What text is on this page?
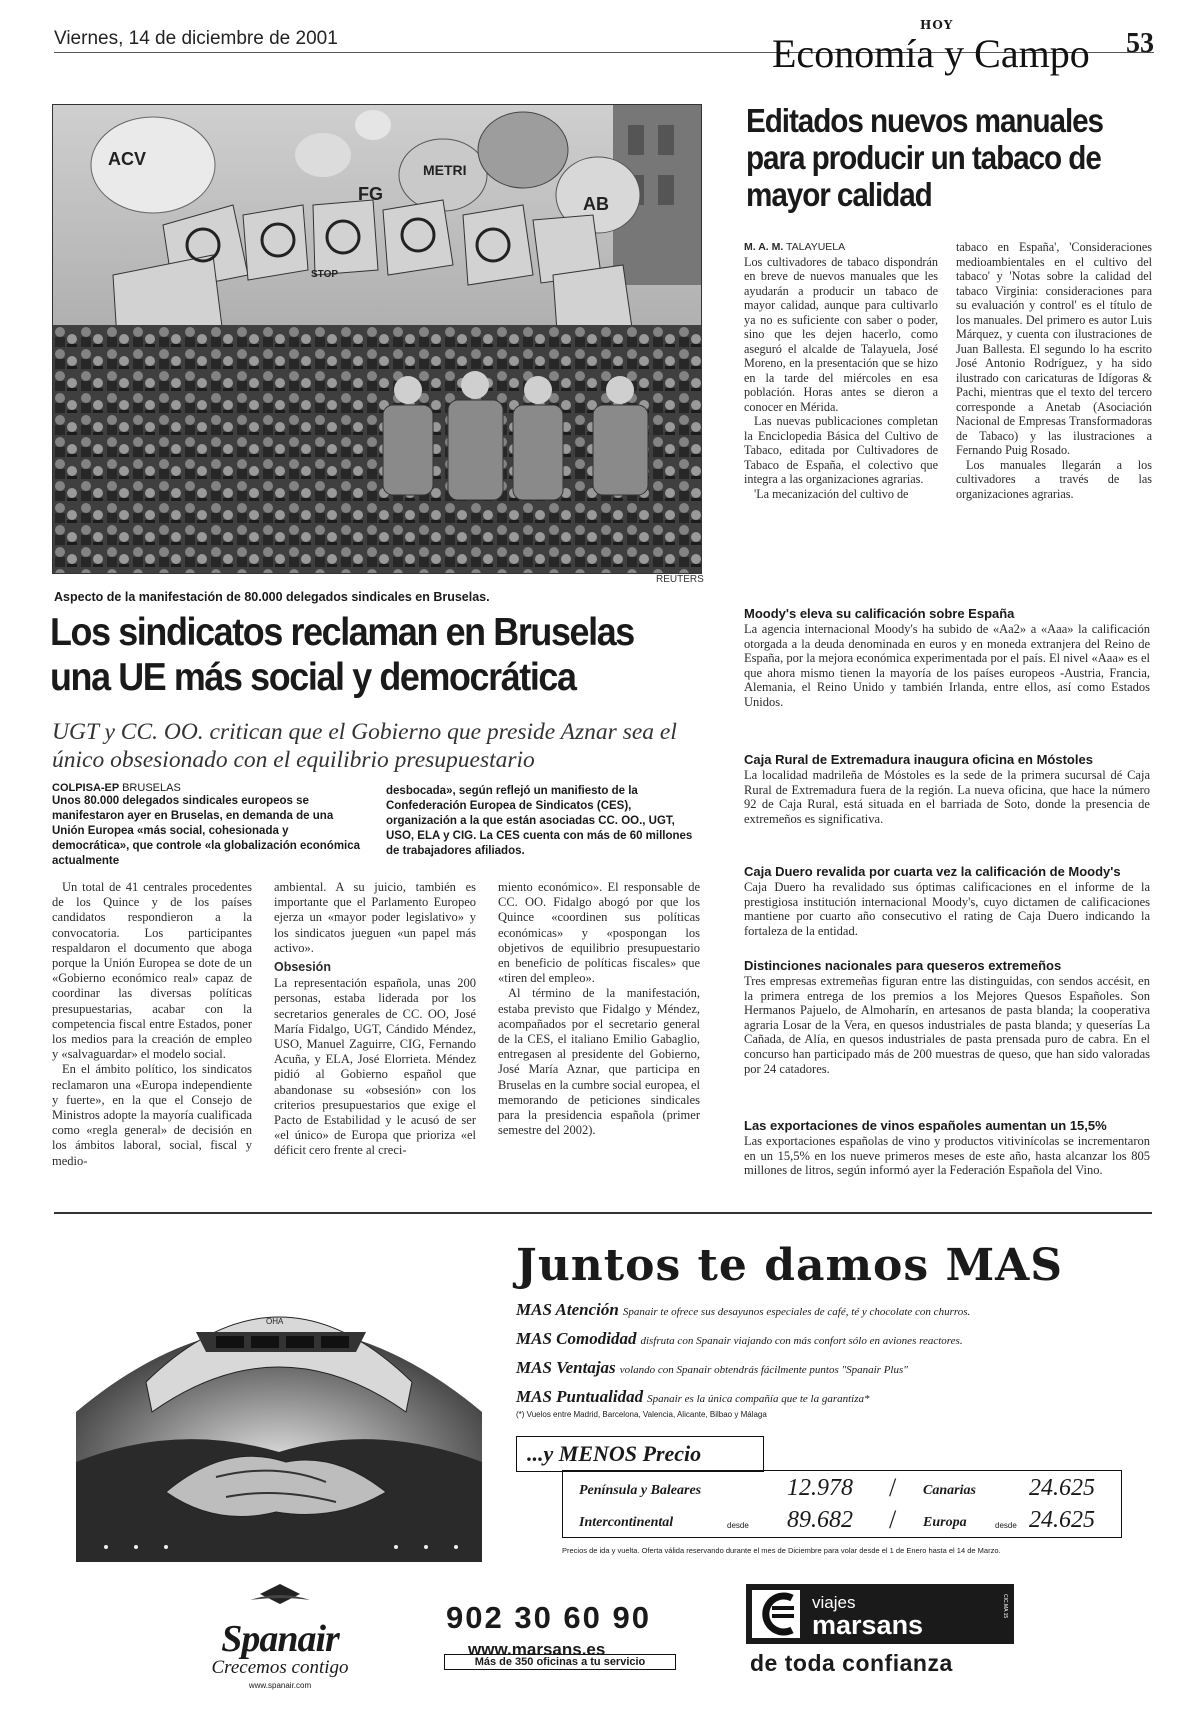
Viernes, 14 de diciembre de 2001
HOY
Economía y Campo 53
ACV
METRI
FG	AB
STOP
REUTERS
Aspecto de la manifestación de 80.000 delegados sindicales en Bruselas.
Los sindicatos reclaman en Bruselas una UE más social y democrática
UGT y CC. OO. critican que el Gobierno que preside Aznar sea el único obsesionado con el equilibrio presupuestario
COLPISA-EP BRUSELAS
Unos 80.000 delegados sindicales europeos se manifestaron ayer en Bruselas, en demanda de una Unión Europea «más social, cohesionada y democrática», que controle «la globalización económica actualmente
desbocada», según reflejó un manifiesto de la Confederación Europea de Sindicatos (CES), organización a la que están asociadas CC. OO., UGT, USO, ELA y CIG. La CES cuenta con más de 60 millones de trabajadores afiliados.

Un total de 41 centrales procedentes de los Quince y de los países candidatos respondieron a la convocatoria. Los participantes respaldaron el documento que aboga porque la Unión Europea se dote de un «Gobierno económico real» capaz de coordinar las diversas políticas presupuestarias, acabar con la competencia fiscal entre Estados, poner los medios para la creación de empleo y «salvaguardar» el modelo social.

En el ámbito político, los sindicatos reclamaron una «Europa independiente y fuerte», en la que el Consejo de Ministros adopte la mayoría cualificada como «regla general» de decisión en los ámbitos laboral, social, fiscal y medio-

ambiental. A su juicio, también es importante que el Parlamento Europeo ejerza un «mayor poder legislativo» y los sindicatos jueguen «un papel más activo».

Obsesión

La representación española, unas 200 personas, estaba liderada por los secretarios generales de CC. OO, José María Fidalgo, UGT, Cándido Méndez, USO, Manuel Zaguirre, CIG, Fernando Acuña, y ELA, José Elorrieta. Méndez pidió al Gobierno español que abandonase su «obsesión» con los criterios presupuestarios que exige el Pacto de Estabilidad y le acusó de ser «el único» de Europa que prioriza «el déficit cero frente al creci-

miento económico». El responsable de CC. OO. Fidalgo abogó por que los Quince «coordinen sus políticas económicas» y «pospongan los objetivos de equilibrio presupuestario en beneficio de políticas fiscales» que «tiren del empleo».

Al término de la manifestación, estaba previsto que Fidalgo y Méndez, acompañados por el secretario general de la CES, el italiano Emilio Gabaglio, entregasen al presidente del Gobierno, José María Aznar, que participa en Bruselas en la cumbre social europea, el memorando de peticiones sindicales para la presidencia española (primer semestre del 2002).

Editados nuevos manuales para producir un tabaco de mayor calidad
M. A. M. TALAYUELA

Los cultivadores de tabaco dispondrán en breve de nuevos manuales que les ayudarán a producir un tabaco de mayor calidad, aunque para cultivarlo ya no es suficiente con saber o poder, sino que les dejen hacerlo, como aseguró el alcalde de Talayuela, José Moreno, en la presentación que se hizo en la tarde del miércoles en esa población. Horas antes se dieron a conocer en Mérida.

Las nuevas publicaciones completan la Enciclopedia Básica del Cultivo de Tabaco, editada por Cultivadores de Tabaco de España, el colectivo que integra a las organizaciones agrarias.

'La mecanización del cultivo de

tabaco en España', 'Consideraciones medioambientales en el cultivo del tabaco' y 'Notas sobre la calidad del tabaco Virginia: consideraciones para su evaluación y control' es el título de los manuales. Del primero es autor Luis Márquez, y cuenta con ilustraciones de Juan Ballesta. El segundo lo ha escrito José Antonio Rodríguez, y ha sido ilustrado con caricaturas de Idígoras & Pachi, mientras que el texto del tercero corresponde a Anetab (Asociación Nacional de Empresas Transformadoras de Tabaco) y las ilustraciones a Fernando Puig Rosado.

Los manuales llegarán a los cultivadores a través de las organizaciones agrarias.

Moody's eleva su calificación sobre España

La agencia internacional Moody's ha subido de «Aa2» a «Aaa» la calificación otorgada a la deuda denominada en euros y en moneda extranjera del Reino de España, por la mejora económica experimentada por el país. El nivel «Aaa» es el que ahora mismo tienen la mayoría de los países europeos -Austria, Francia, Alemania, el Reino Unido y también Irlanda, entre ellos, así como Estados Unidos.

Caja Rural de Extremadura inaugura oficina en Móstoles

La localidad madrileña de Móstoles es la sede de la primera sucursal dé Caja Rural de Extremadura fuera de la región. La nueva oficina, que hace la número 92 de Caja Rural, está situada en el barriada de Soto, donde la presencia de extremeños es significativa.

Caja Duero revalida por cuarta vez la calificación de Moody's

Caja Duero ha revalidado sus óptimas calificaciones en el informe de la prestigiosa institución internacional Moody's, cuyo dictamen de calificaciones mantiene por cuarto año consecutivo el rating de Caja Duero indicando la fortaleza de la entidad.

Distinciones nacionales para queseros extremeños

Tres empresas extremeñas figuran entre las distinguidas, con sendos accésit, en la primera entrega de los premios a los Mejores Quesos Españoles. Son Hermanos Pajuelo, de Almoharín, en artesanos de pasta blanda; la cooperativa agraria Losar de la Vera, en quesos industriales de pasta blanda; y queserías La Cañada, de Alía, en quesos industriales de pasta prensada puro de cabra. En el concurso han participado más de 200 muestras de queso, que han sido valoradas por 24 catadores.

Las exportaciones de vinos españoles aumentan un 15,5%

Las exportaciones españolas de vino y productos vitivinícolas se incrementaron en un 15,5% en los nueve primeros meses de este año, hasta alcanzar los 805 millones de litros, según informó ayer la Federación Española del Vino.

OHA
Juntos te damos MAS
MAS Atención Spanair te ofrece sus desayunos especiales de café, té y chocolate con churros.
MAS Comodidad disfruta con Spanair viajando con más confort sólo en aviones reactores.
MAS Ventajas volando con Spanair obtendrás fácilmente puntos "Spanair Plus"
MAS Puntualidad Spanair es la única compañía que te la garantiza*
(*) Vuelos entre Madrid, Barcelona, Valencia, Alicante, Bilbao y Málaga
...y MENOS Precio
Península y Baleares	12.978 / Canarias 24.625
Intercontinental	desde 89.682 / Europa	desde 24.625
Precios de ida y vuelta. Oferta válida reservando durante el mes de Diciembre para volar desde el 1 de Enero hasta el 14 de Marzo.
Spanair
Crecemos contigo
www.spanair.com
902 30 60 90
www.marsans.es
Más de 350 oficinas a tu servicio
viajes
marsans
CIC.MA 15
de toda confianza
